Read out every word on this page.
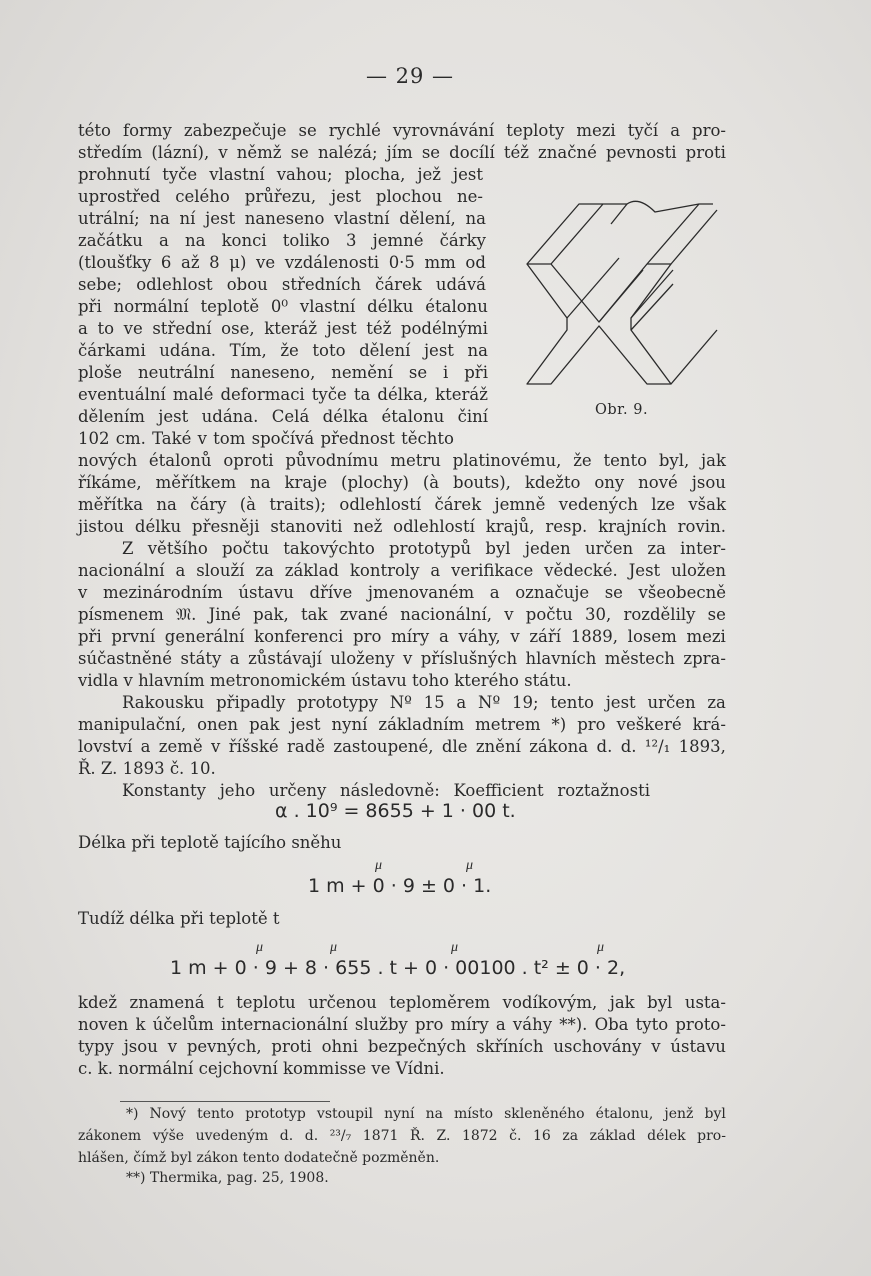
— 29 —
této formy zabezpečuje se rychlé vyrovnávání teploty mezi tyčí a pro-
středím (lázní), v němž se nalézá; jím se docílí též značné pevnosti proti
prohnutí tyče vlastní vahou; plocha, jež jest
uprostřed celého průřezu, jest plochou ne-
utrální; na ní jest naneseno vlastní dělení, na
začátku a na konci toliko 3 jemné čárky
(tloušťky 6 až 8 μ) ve vzdálenosti 0·5 mm od
sebe; odlehlost obou středních čárek udává
při normální teplotě 0⁰ vlastní délku étalonu
a to ve střední ose, kteráž jest též podélnými
čárkami udána. Tím, že toto dělení jest na
ploše neutrální naneseno, nemění se i při
eventuální malé deformaci tyče ta délka, kteráž
dělením jest udána. Celá délka étalonu činí
102 cm. Také v tom spočívá přednost těchto
nových étalonů oproti původnímu metru platinovému, že tento byl, jak
říkáme, měřítkem na kraje (plochy) (à bouts), kdežto ony nové jsou
měřítka na čáry (à traits); odlehlostí čárek jemně vedených lze však
jistou délku přesněji stanoviti než odlehlostí krajů, resp. krajních rovin.
Z většího počtu takovýchto prototypů byl jeden určen za inter-
nacionální a slouží za základ kontroly a verifikace vědecké. Jest uložen
v mezinárodním ústavu dříve jmenovaném a označuje se všeobecně
písmenem 𝔐. Jiné pak, tak zvané nacionální, v počtu 30, rozdělily se
při první generální konferenci pro míry a váhy, v září 1889, losem mezi
súčastněné státy a zůstávají uloženy v příslušných hlavních městech zpra-
vidla v hlavním metronomickém ústavu toho kterého státu.
Rakousku připadly prototypy Nº 15 a Nº 19; tento jest určen za
manipulační, onen pak jest nyní základním metrem *) pro veškeré krá-
lovství a země v říšské radě zastoupené, dle znění zákona d. d. ¹²/₁ 1893,
Ř. Z. 1893 č. 10.
Konstanty jeho určeny následovně: Koefficient roztažnosti
α . 10⁹ = 8655 + 1 · 00 t.
Délka při teplotě tajícího sněhu
μ	μ
1 m + 0 · 9 ± 0 · 1.
Tudíž délka při teplotě t
μ	μ	μ	μ
1 m + 0 · 9 + 8 · 655 . t + 0 · 00100 . t² ± 0 · 2,
kdež znamená t teplotu určenou teploměrem vodíkovým, jak byl usta-
noven k účelům internacionální služby pro míry a váhy **). Oba tyto proto-
typy jsou v pevných, proti ohni bezpečných skříních uschovány v ústavu
c. k. normální cejchovní kommisse ve Vídni.
*) Nový tento prototyp vstoupil nyní na místo skleněného étalonu, jenž byl
zákonem výše uvedeným d. d. ²³/₇ 1871 Ř. Z. 1872 č. 16 za základ délek pro-
hlášen, čímž byl zákon tento dodatečně pozměněn.
**) Thermika, pag. 25, 1908.
Obr. 9.
